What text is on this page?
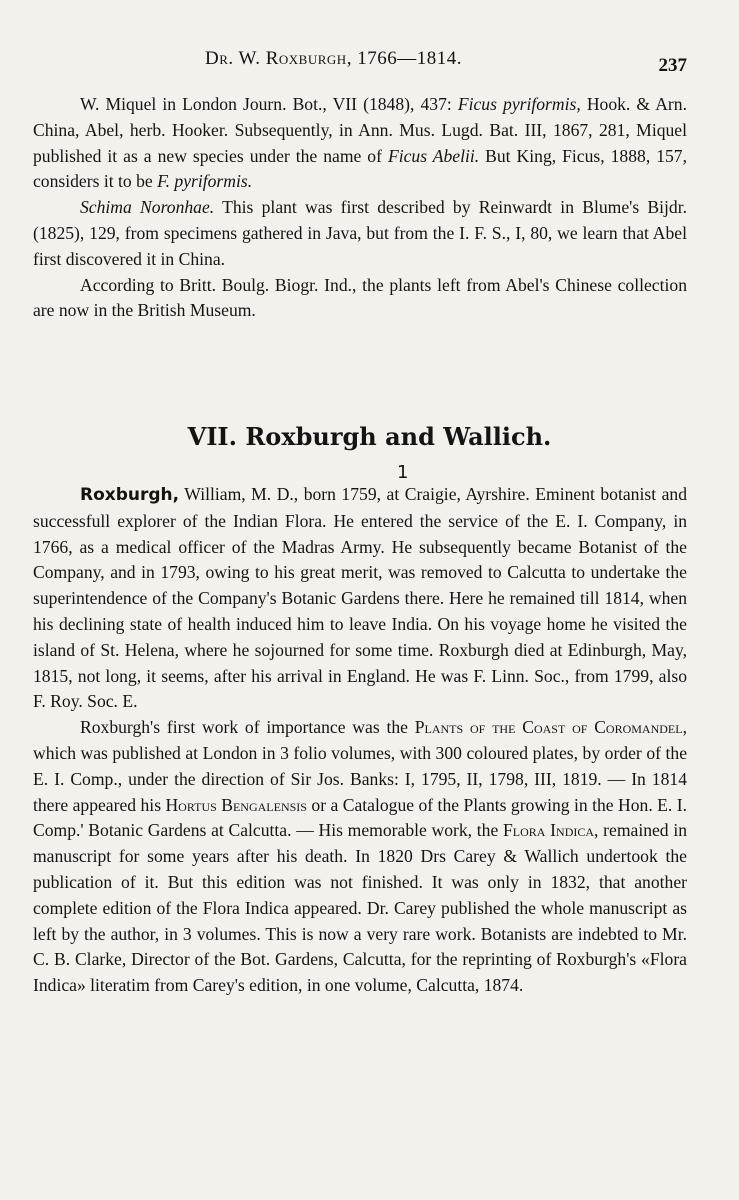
Dr. W. Roxburgh, 1766—1814.	237

W. Miquel in London Journ. Bot., VII (1848), 437: Ficus pyriformis, Hook. & Arn. China, Abel, herb. Hooker. Subsequently, in Ann. Mus. Lugd. Bat. III, 1867, 281, Miquel published it as a new species under the name of Ficus Abelii. But King, Ficus, 1888, 157, considers it to be F. pyriformis.

Schima Noronhae. This plant was first described by Reinwardt in Blume's Bijdr. (1825), 129, from specimens gathered in Java, but from the I. F. S., I, 80, we learn that Abel first discovered it in China.

According to Britt. Boulg. Biogr. Ind., the plants left from Abel's Chinese collection are now in the British Museum.

VII. Roxburgh and Wallich.
1

Roxburgh, William, M. D., born 1759, at Craigie, Ayrshire. Eminent botanist and successfull explorer of the Indian Flora. He entered the service of the E. I. Company, in 1766, as a medical officer of the Madras Army. He subsequently became Botanist of the Company, and in 1793, owing to his great merit, was removed to Calcutta to undertake the superintendence of the Company's Botanic Gardens there. Here he remained till 1814, when his declining state of health induced him to leave India. On his voyage home he visited the island of St. Helena, where he sojourned for some time. Roxburgh died at Edinburgh, May, 1815, not long, it seems, after his arrival in England. He was F. Linn. Soc., from 1799, also F. Roy. Soc. E.

Roxburgh's first work of importance was the Plants of the Coast of Coromandel, which was published at London in 3 folio volumes, with 300 coloured plates, by order of the E. I. Comp., under the direction of Sir Jos. Banks: I, 1795, II, 1798, III, 1819. — In 1814 there appeared his Hortus Bengalensis or a Catalogue of the Plants growing in the Hon. E. I. Comp.' Botanic Gardens at Calcutta. — His memorable work, the Flora Indica, remained in manuscript for some years after his death. In 1820 Drs Carey & Wallich undertook the publication of it. But this edition was not finished. It was only in 1832, that another complete edition of the Flora Indica appeared. Dr. Carey published the whole manuscript as left by the author, in 3 volumes. This is now a very rare work. Botanists are indebted to Mr. C. B. Clarke, Director of the Bot. Gardens, Calcutta, for the reprinting of Roxburgh's «Flora Indica» literatim from Carey's edition, in one volume, Calcutta, 1874.
